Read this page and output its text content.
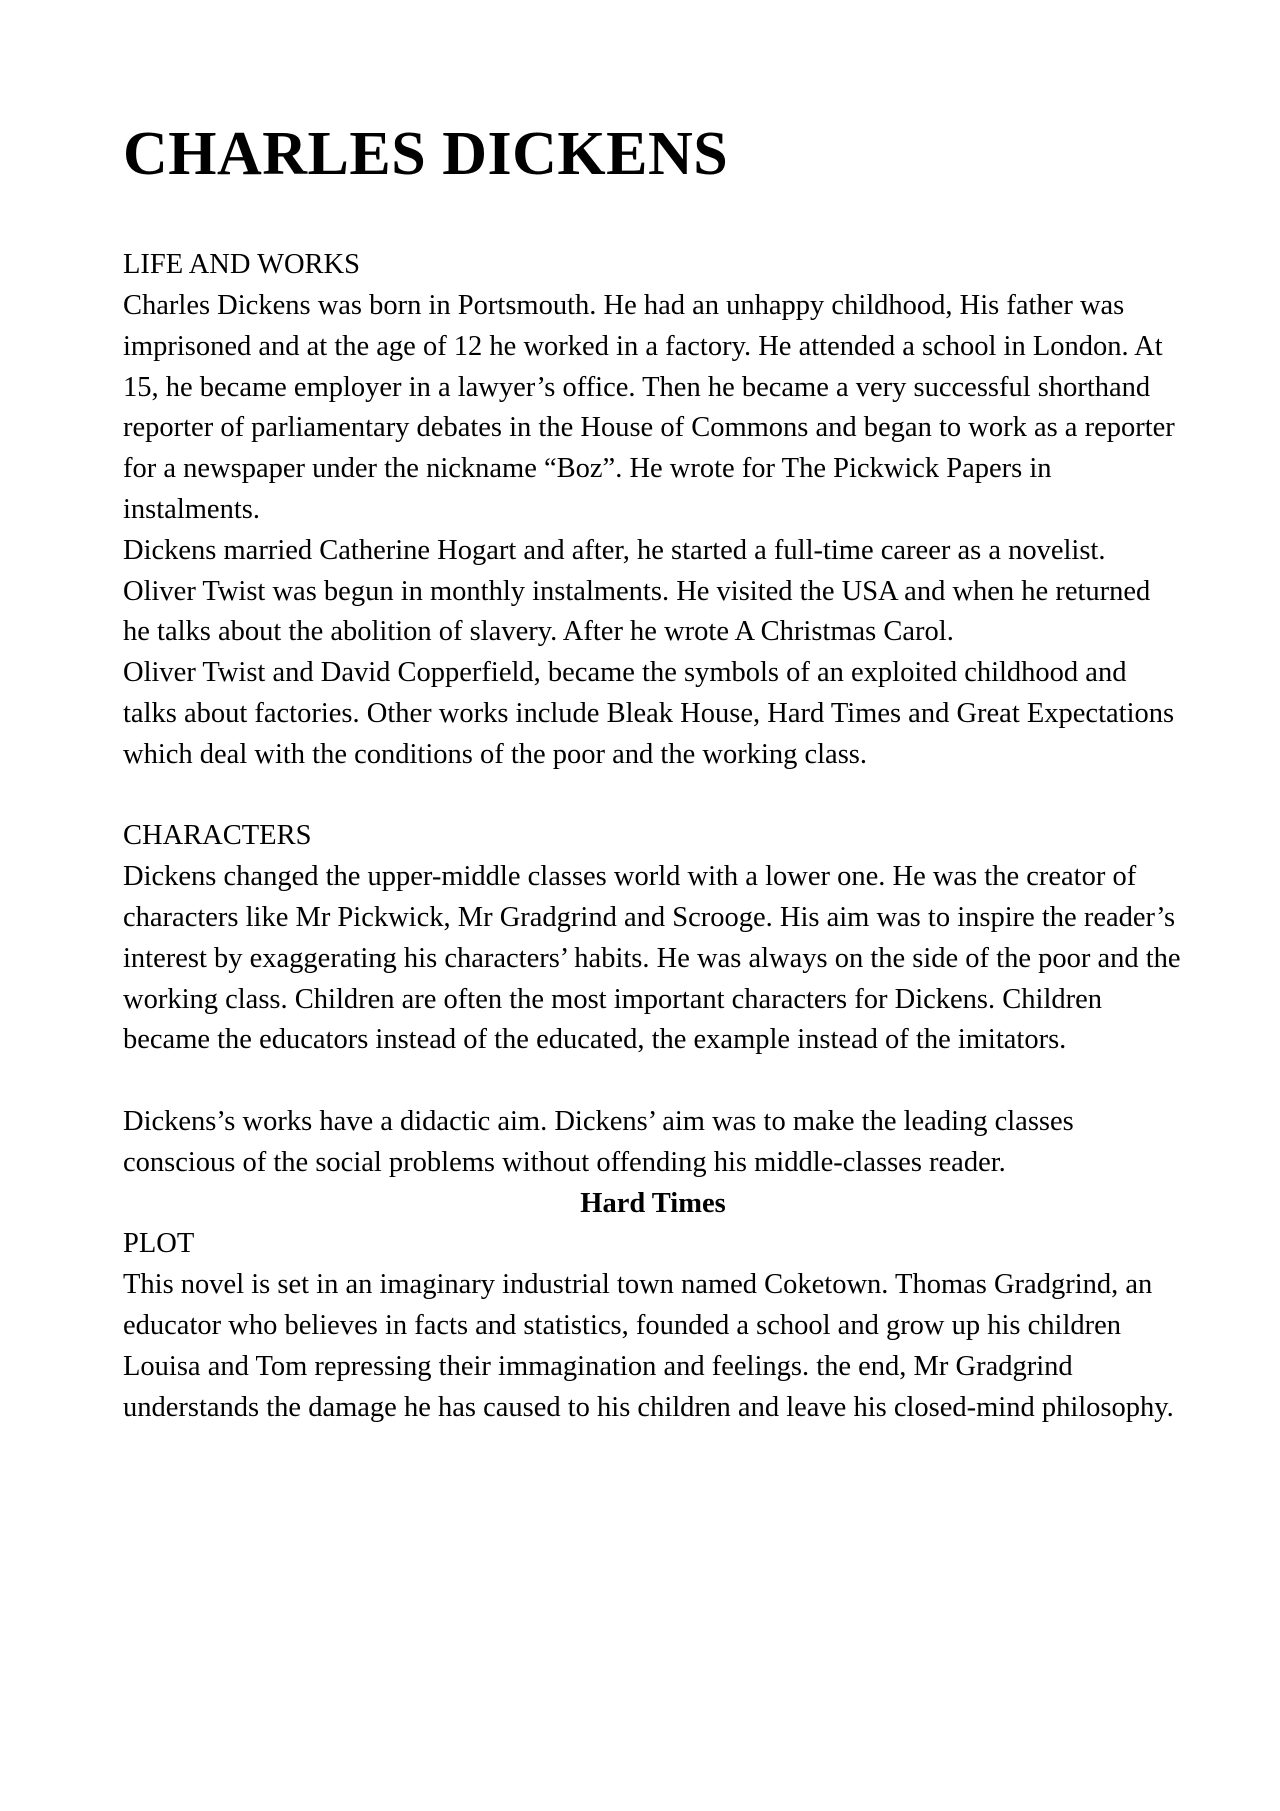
CHARLES DICKENS
LIFE AND WORKS

Charles Dickens was born in Portsmouth. He had an unhappy childhood, His father was imprisoned and at the age of 12 he worked in a factory. He attended a school in London. At 15, he became employer in a lawyer’s office. Then he became a very successful shorthand reporter of parliamentary debates in the House of Commons and began to work as a reporter for a newspaper under the nickname “Boz”. He wrote for The Pickwick Papers in instalments.

Dickens married Catherine Hogart and after, he started a full-time career as a novelist. Oliver Twist was begun in monthly instalments. He visited the USA and when he returned he talks about the abolition of slavery. After he wrote A Christmas Carol.

Oliver Twist and David Copperfield, became the symbols of an exploited childhood and talks about factories. Other works include Bleak House, Hard Times and Great Expectations which deal with the conditions of the poor and the working class.

CHARACTERS

Dickens changed the upper-middle classes world with a lower one. He was the creator of characters like Mr Pickwick, Mr Gradgrind and Scrooge. His aim was to inspire the reader’s interest by exaggerating his characters’ habits. He was always on the side of the poor and the working class. Children are often the most important characters for Dickens. Children became the educators instead of the educated, the example instead of the imitators.

Dickens’s works have a didactic aim. Dickens’ aim was to make the leading classes conscious of the social problems without offending his middle-classes reader.

Hard Times
PLOT

This novel is set in an imaginary industrial town named Coketown. Thomas Gradgrind, an educator who believes in facts and statistics, founded a school and grow up his children Louisa and Tom repressing their immagination and feelings. the end, Mr Gradgrind understands the damage he has caused to his children and leave his closed-mind philosophy.
